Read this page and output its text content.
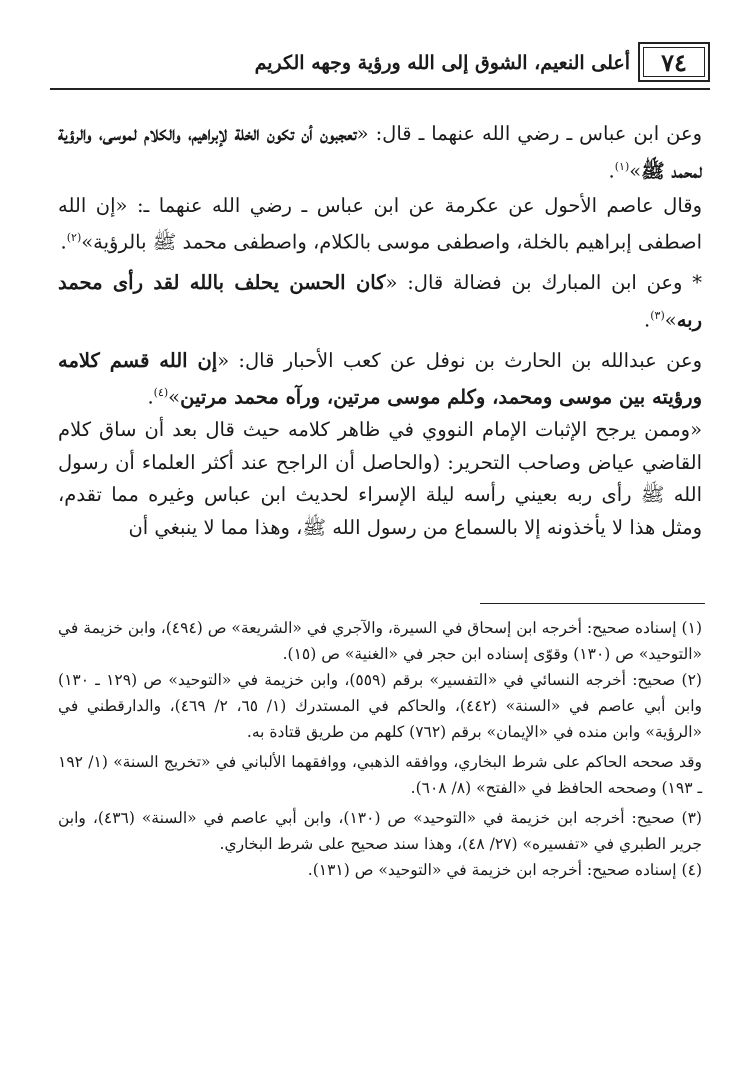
٧٤
أعلى النعيم، الشوق إلى الله ورؤية وجهه الكريم

وعن ابن عباس ـ رضي الله عنهما ـ قال: «تعجبون أن تكون الخلة لإبراهيم، والكلام لموسى، والرؤية لمحمد ﷺ»$^{(١)}$.

وقال عاصم الأحول عن عكرمة عن ابن عباس ـ رضي الله عنهما ـ: «إن الله اصطفى إبراهيم بالخلة، واصطفى موسى بالكلام، واصطفى محمد ﷺ بالرؤية»$^{(٢)}$.

* وعن ابن المبارك بن فضالة قال: «كان الحسن يحلف بالله لقد رأى محمد ربه»$^{(٣)}$.

وعن عبدالله بن الحارث بن نوفل عن كعب الأحبار قال: «إن الله قسم كلامه ورؤيته بين موسى ومحمد، وكلم موسى مرتين، ورآه محمد مرتين»$^{(٤)}$.

«وممن يرجح الإثبات الإمام النووي في ظاهر كلامه حيث قال بعد أن ساق كلام القاضي عياض وصاحب التحرير: (والحاصل أن الراجح عند أكثر العلماء أن رسول الله ﷺ رأى ربه بعيني رأسه ليلة الإسراء لحديث ابن عباس وغيره مما تقدم، ومثل هذا لا يأخذونه إلا بالسماع من رسول الله ﷺ، وهذا مما لا ينبغي أن

(١) إسناده صحيح: أخرجه ابن إسحاق في السيرة، والآجري في «الشريعة» ص (٤٩٤)، وابن خزيمة في «التوحيد» ص (١٣٠) وقوّى إسناده ابن حجر في «الغنية» ص (١٥).

(٢) صحيح: أخرجه النسائي في «التفسير» برقم (٥٥٩)، وابن خزيمة في «التوحيد» ص (١٢٩ ـ ١٣٠) وابن أبي عاصم في «السنة» (٤٤٢)، والحاكم في المستدرك (١/ ٦٥، ٢/ ٤٦٩)، والدارقطني في «الرؤية» وابن منده في «الإيمان» برقم (٧٦٢) كلهم من طريق قتادة به.

وقد صححه الحاكم على شرط البخاري، ووافقه الذهبي، ووافقهما الألباني في «تخريج السنة» (١/ ١٩٢ ـ ١٩٣) وصححه الحافظ في «الفتح» (٨/ ٦٠٨).

(٣) صحيح: أخرجه ابن خزيمة في «التوحيد» ص (١٣٠)، وابن أبي عاصم في «السنة» (٤٣٦)، وابن جرير الطبري في «تفسيره» (٢٧/ ٤٨)، وهذا سند صحيح على شرط البخاري.

(٤) إسناده صحيح: أخرجه ابن خزيمة في «التوحيد» ص (١٣١).
